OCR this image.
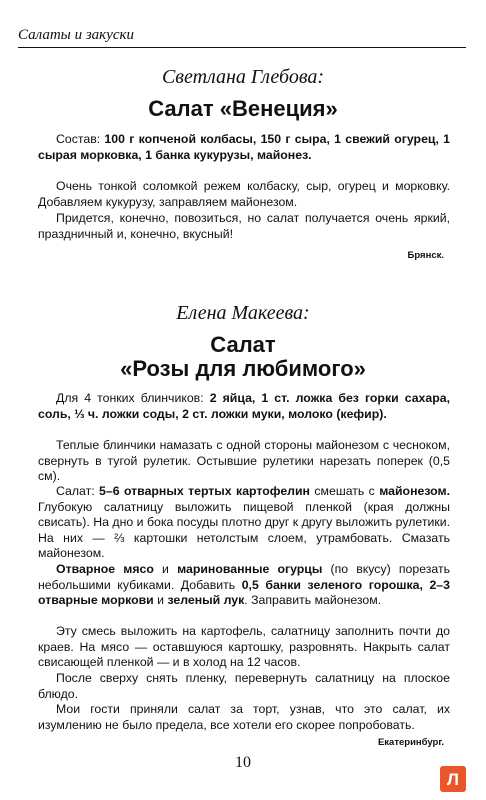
Салаты и закуски
Светлана Глебова:
Салат «Венеция»
Состав: 100 г копченой колбасы, 150 г сыра, 1 свежий огурец, 1 сырая морковка, 1 банка кукурузы, майонез.
Очень тонкой соломкой режем колбаску, сыр, огурец и морковку. Добавляем кукурузу, заправляем майонезом.
Придется, конечно, повозиться, но салат получается очень яркий, праздничный и, конечно, вкусный!
Брянск.
Елена Макеева:
Салат
«Розы для любимого»
Для 4 тонких блинчиков: 2 яйца, 1 ст. ложка без горки сахара, соль, ⅓ ч. ложки соды, 2 ст. ложки муки, молоко (кефир).
Теплые блинчики намазать с одной стороны майонезом с чесноком, свернуть в тугой рулетик. Остывшие рулетики нарезать поперек (0,5 см).
Салат: 5–6 отварных тертых картофелин смешать с майонезом. Глубокую салатницу выложить пищевой пленкой (края должны свисать). На дно и бока посуды плотно друг к другу выложить рулетики. На них — ⅔ картошки нетолстым слоем, утрамбовать. Смазать майонезом.
Отварное мясо и маринованные огурцы (по вкусу) порезать небольшими кубиками. Добавить 0,5 банки зеленого горошка, 2–3 отварные моркови и зеленый лук. Заправить майонезом.
Эту смесь выложить на картофель, салатницу заполнить почти до краев. На мясо — оставшуюся картошку, разровнять. Накрыть салат свисающей пленкой — и в холод на 12 часов.
После сверху снять пленку, перевернуть салатницу на плоское блюдо.
Мои гости приняли салат за торт, узнав, что это салат, их изумлению не было предела, все хотели его скорее попробовать.
Екатеринбург.
10
Л
